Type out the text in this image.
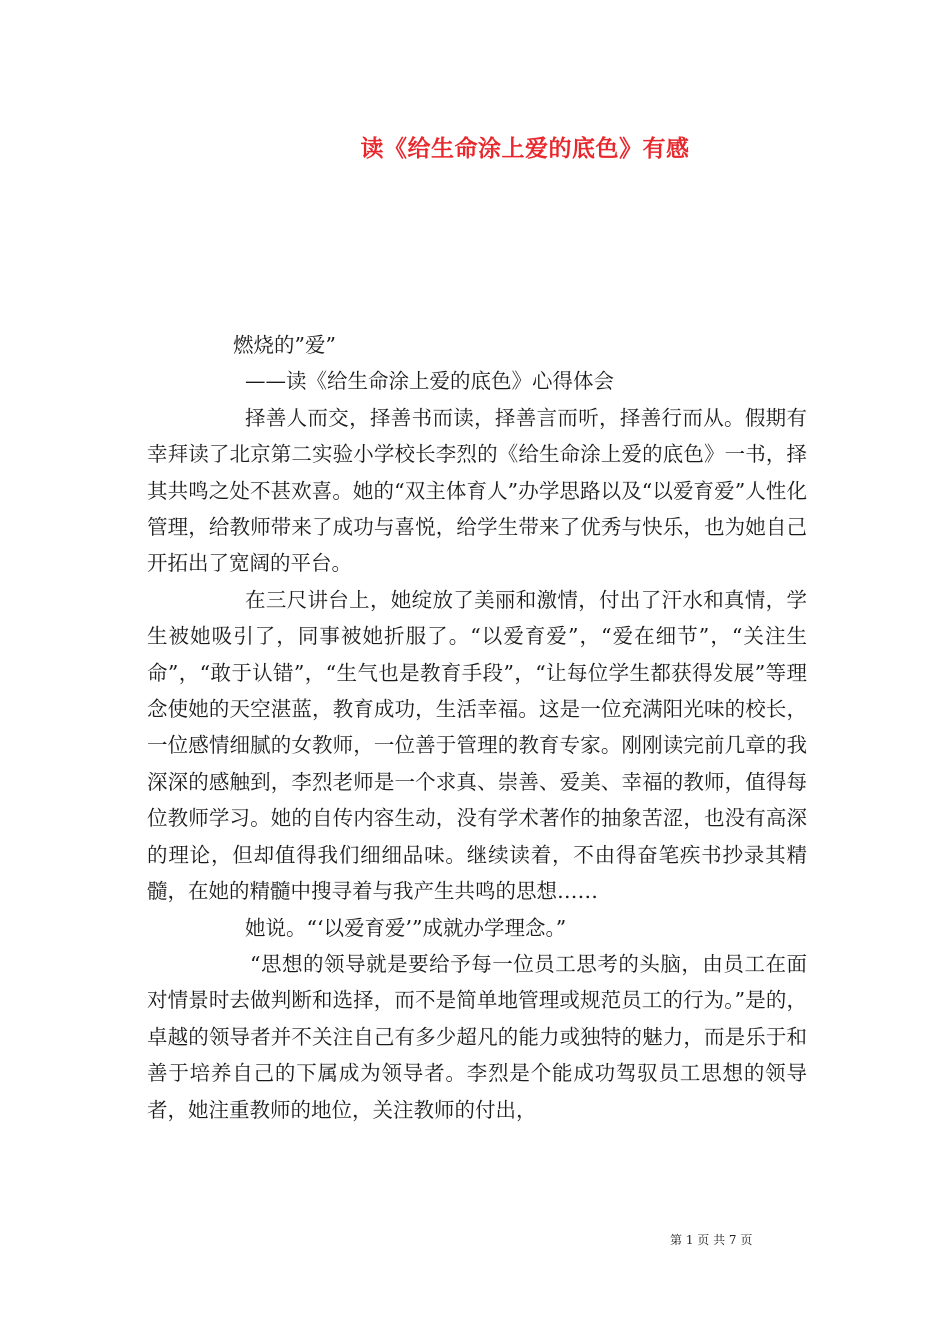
读《给生命涂上爱的底色》有感

燃烧的”爱”

——读《给生命涂上爱的底色》心得体会

择善人而交，择善书而读，择善言而听，择善行而从。假期有幸拜读了北京第二实验小学校长李烈的《给生命涂上爱的底色》一书，择其共鸣之处不甚欢喜。她的“双主体育人”办学思路以及“以爱育爱”人性化管理，给教师带来了成功与喜悦，给学生带来了优秀与快乐，也为她自己开拓出了宽阔的平台。

在三尺讲台上，她绽放了美丽和激情，付出了汗水和真情，学生被她吸引了，同事被她折服了。“以爱育爱”，“爱在细节”，“关注生命”，“敢于认错”，“生气也是教育手段”，“让每位学生都获得发展”等理念使她的天空湛蓝，教育成功，生活幸福。这是一位充满阳光味的校长，一位感情细腻的女教师，一位善于管理的教育专家。刚刚读完前几章的我深深的感触到，李烈老师是一个求真、崇善、爱美、幸福的教师，值得每位教师学习。她的自传内容生动，没有学术著作的抽象苦涩，也没有高深的理论，但却值得我们细细品味。继续读着，不由得奋笔疾书抄录其精髓，在她的精髓中搜寻着与我产生共鸣的思想……

她说。“‘以爱育爱’”成就办学理念。”

“思想的领导就是要给予每一位员工思考的头脑，由员工在面对情景时去做判断和选择，而不是简单地管理或规范员工的行为。”是的，卓越的领导者并不关注自己有多少超凡的能力或独特的魅力，而是乐于和善于培养自己的下属成为领导者。李烈是个能成功驾驭员工思想的领导者，她注重教师的地位，关注教师的付出，

第 1 页 共 7 页
